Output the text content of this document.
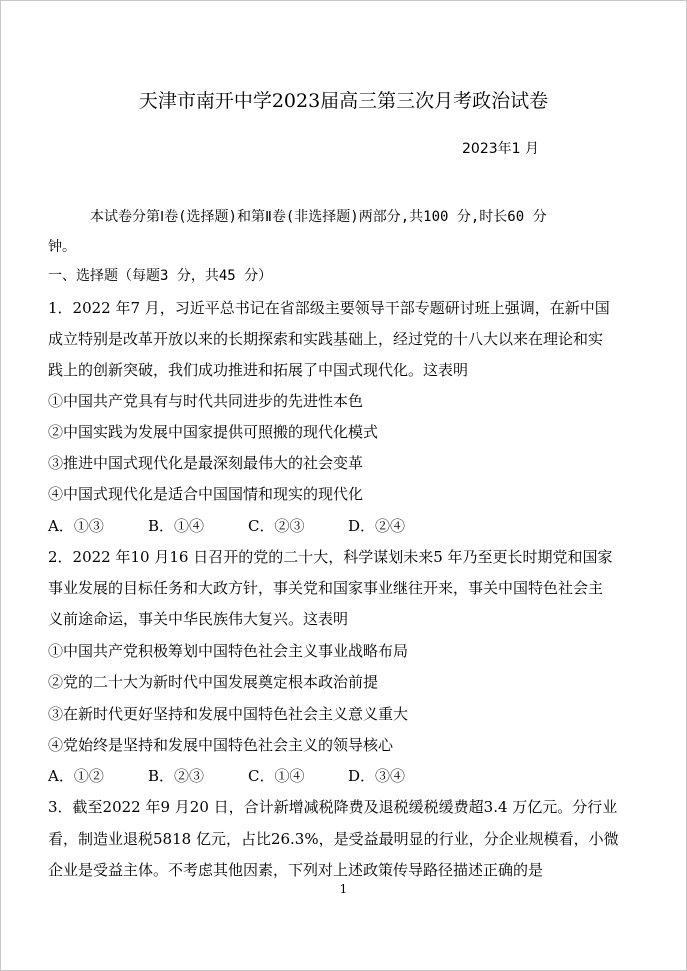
天津市南开中学2023届高三第三次月考政治试卷
2023年1 月
本试卷分第Ⅰ卷(选择题)和第Ⅱ卷(非选择题)两部分,共100 分,时长60 分
钟。
一、选择题（每题3 分，共45 分）
1．2022 年7 月，习近平总书记在省部级主要领导干部专题研讨班上强调，在新中国
成立特别是改革开放以来的长期探索和实践基础上，经过党的十八大以来在理论和实
践上的创新突破，我们成功推进和拓展了中国式现代化。这表明
①中国共产党具有与时代共同进步的先进性本色
②中国实践为发展中国家提供可照搬的现代化模式
③推进中国式现代化是最深刻最伟大的社会变革
④中国式现代化是适合中国国情和现实的现代化
A．①③	B．①④	C．②③	D．②④
2．2022 年10 月16 日召开的党的二十大，科学谋划未来5 年乃至更长时期党和国家
事业发展的目标任务和大政方针，事关党和国家事业继往开来，事关中国特色社会主
义前途命运，事关中华民族伟大复兴。这表明
①中国共产党积极筹划中国特色社会主义事业战略布局
②党的二十大为新时代中国发展奠定根本政治前提
③在新时代更好坚持和发展中国特色社会主义意义重大
④党始终是坚持和发展中国特色社会主义的领导核心
A．①②	B．②③	C．①④	D．③④
3．截至2022 年9 月20 日，合计新增减税降费及退税缓税缓费超3.4 万亿元。分行业
看，制造业退税5818 亿元，占比26.3%，是受益最明显的行业，分企业规模看，小微
企业是受益主体。不考虑其他因素，下列对上述政策传导路径描述正确的是
1
